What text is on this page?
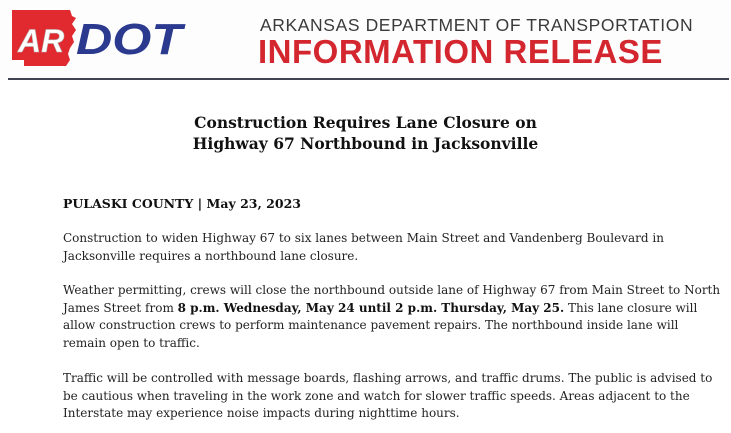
AR DOT	ARKANSAS DEPARTMENT OF TRANSPORTATION
INFORMATION RELEASE
Construction Requires Lane Closure on
Highway 67 Northbound in Jacksonville
PULASKI COUNTY | May 23, 2023
Construction to widen Highway 67 to six lanes between Main Street and Vandenberg Boulevard in Jacksonville requires a northbound lane closure.
Weather permitting, crews will close the northbound outside lane of Highway 67 from Main Street to North James Street from 8 p.m. Wednesday, May 24 until 2 p.m. Thursday, May 25. This lane closure will allow construction crews to perform maintenance pavement repairs. The northbound inside lane will remain open to traffic.
Traffic will be controlled with message boards, flashing arrows, and traffic drums. The public is advised to be cautious when traveling in the work zone and watch for slower traffic speeds. Areas adjacent to the Interstate may experience noise impacts during nighttime hours.
